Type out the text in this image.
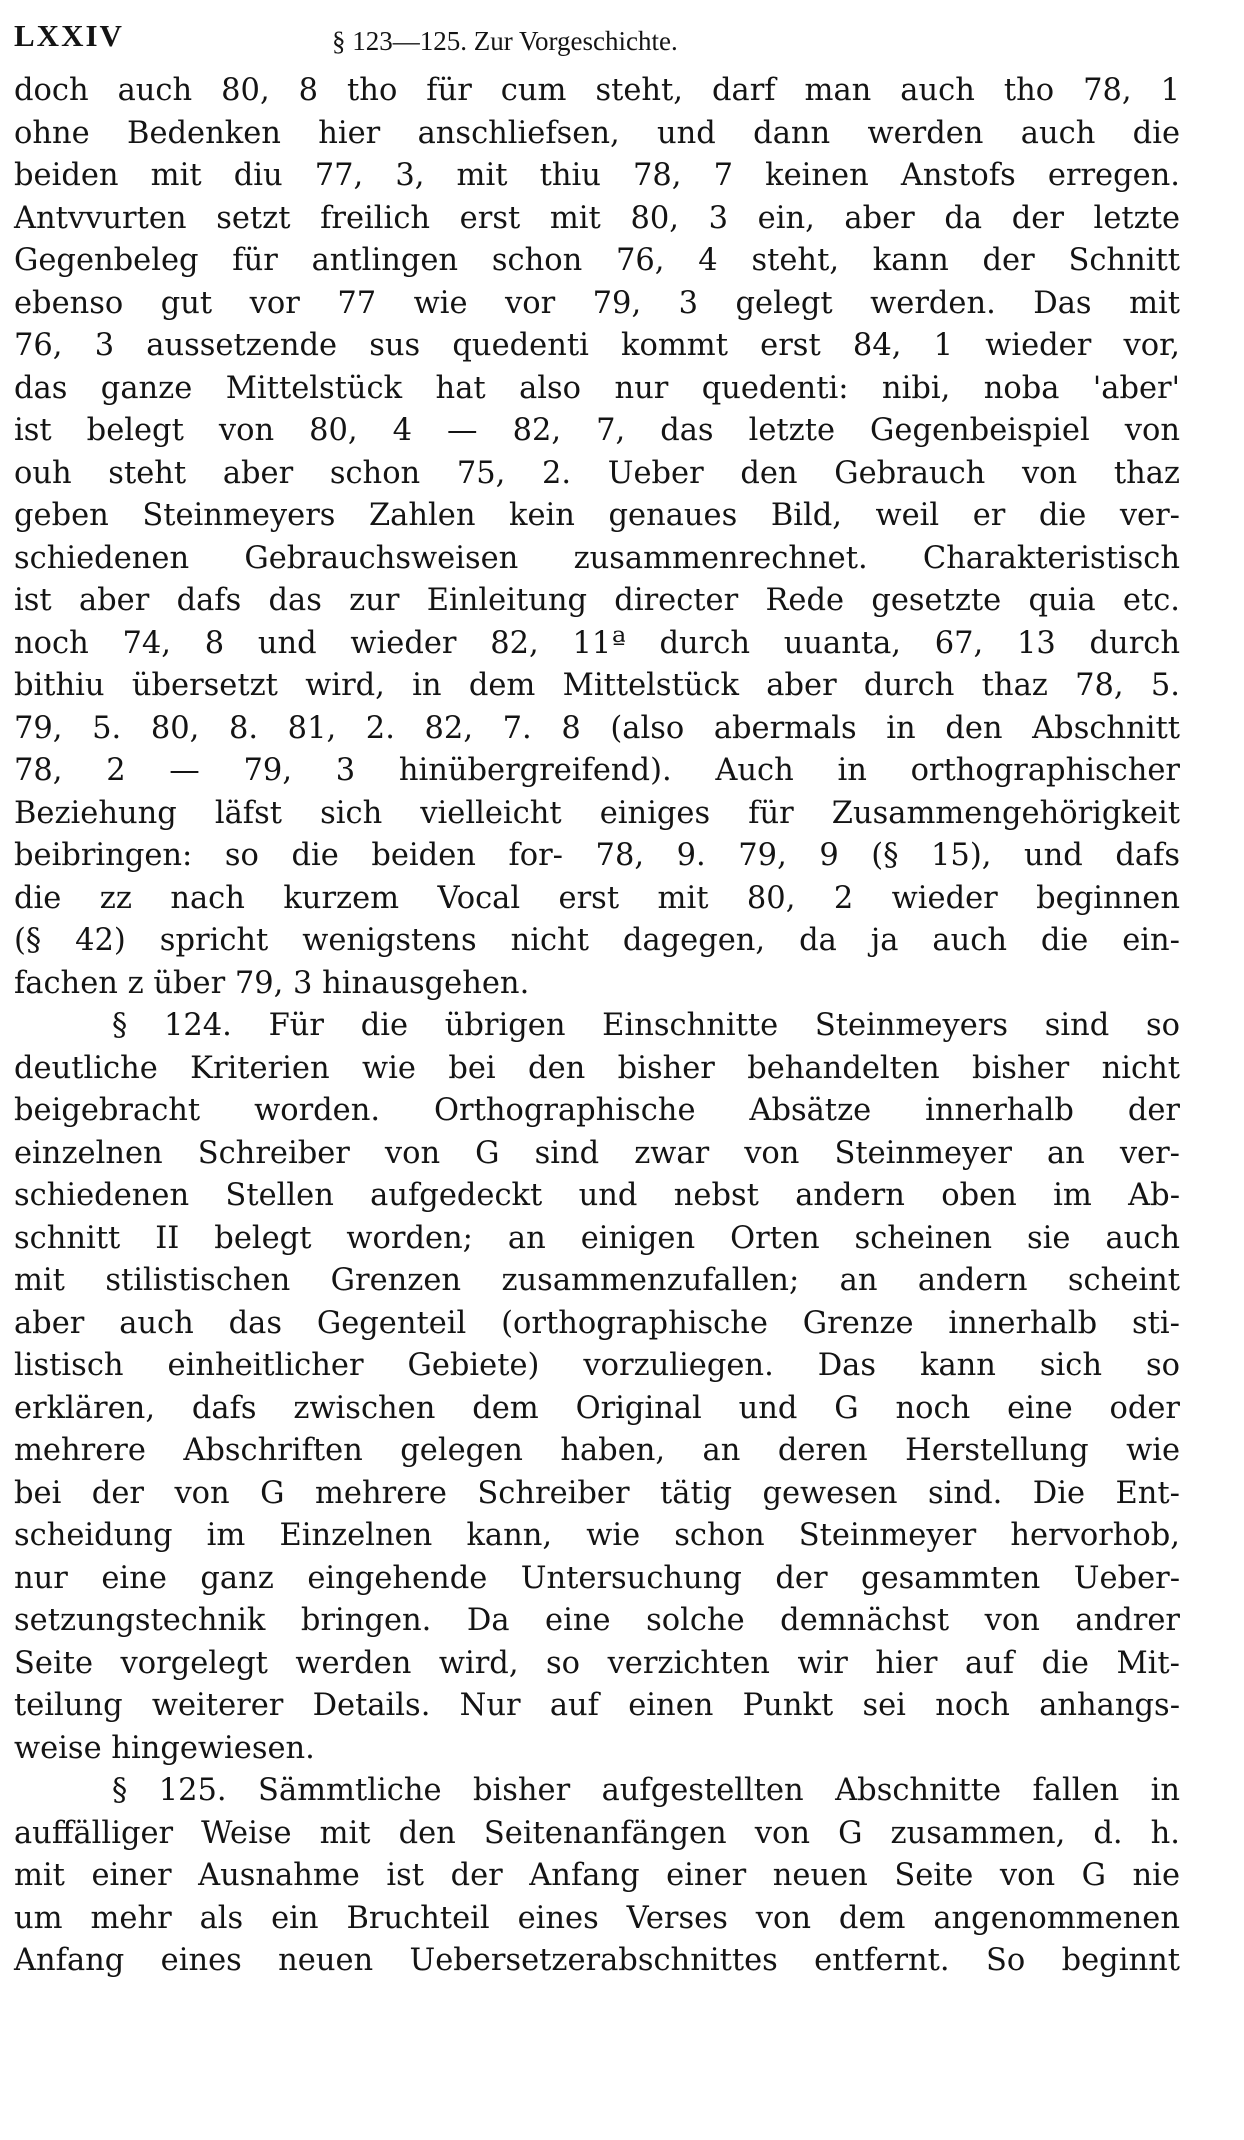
LXXIV	§ 123—125. Zur Vorgeschichte.
doch auch 80, 8 tho für cum steht, darf man auch tho 78, 1
ohne Bedenken hier anschliefsen, und dann werden auch die
beiden mit diu 77, 3, mit thiu 78, 7 keinen Anstofs erregen.
Antvvurten setzt freilich erst mit 80, 3 ein, aber da der letzte
Gegenbeleg für antlingen schon 76, 4 steht, kann der Schnitt
ebenso gut vor 77 wie vor 79, 3 gelegt werden. Das mit
76, 3 aussetzende sus quedenti kommt erst 84, 1 wieder vor,
das ganze Mittelstück hat also nur quedenti: nibi, noba 'aber'
ist belegt von 80, 4 — 82, 7, das letzte Gegenbeispiel von
ouh steht aber schon 75, 2. Ueber den Gebrauch von thaz
geben Steinmeyers Zahlen kein genaues Bild, weil er die ver-
schiedenen Gebrauchsweisen zusammenrechnet. Charakteristisch
ist aber dafs das zur Einleitung directer Rede gesetzte quia etc.
noch 74, 8 und wieder 82, 11ª durch uuanta, 67, 13 durch
bithiu übersetzt wird, in dem Mittelstück aber durch thaz 78, 5.
79, 5. 80, 8. 81, 2. 82, 7. 8 (also abermals in den Abschnitt
78, 2 — 79, 3 hinübergreifend). Auch in orthographischer
Beziehung läfst sich vielleicht einiges für Zusammengehörigkeit
beibringen: so die beiden for- 78, 9. 79, 9 (§ 15), und dafs
die zz nach kurzem Vocal erst mit 80, 2 wieder beginnen
(§ 42) spricht wenigstens nicht dagegen, da ja auch die ein-
fachen z über 79, 3 hinausgehen.
§ 124. Für die übrigen Einschnitte Steinmeyers sind so
deutliche Kriterien wie bei den bisher behandelten bisher nicht
beigebracht worden. Orthographische Absätze innerhalb der
einzelnen Schreiber von G sind zwar von Steinmeyer an ver-
schiedenen Stellen aufgedeckt und nebst andern oben im Ab-
schnitt II belegt worden; an einigen Orten scheinen sie auch
mit stilistischen Grenzen zusammenzufallen; an andern scheint
aber auch das Gegenteil (orthographische Grenze innerhalb sti-
listisch einheitlicher Gebiete) vorzuliegen. Das kann sich so
erklären, dafs zwischen dem Original und G noch eine oder
mehrere Abschriften gelegen haben, an deren Herstellung wie
bei der von G mehrere Schreiber tätig gewesen sind. Die Ent-
scheidung im Einzelnen kann, wie schon Steinmeyer hervorhob,
nur eine ganz eingehende Untersuchung der gesammten Ueber-
setzungstechnik bringen. Da eine solche demnächst von andrer
Seite vorgelegt werden wird, so verzichten wir hier auf die Mit-
teilung weiterer Details. Nur auf einen Punkt sei noch anhangs-
weise hingewiesen.
§ 125. Sämmtliche bisher aufgestellten Abschnitte fallen in
auffälliger Weise mit den Seitenanfängen von G zusammen, d. h.
mit einer Ausnahme ist der Anfang einer neuen Seite von G nie
um mehr als ein Bruchteil eines Verses von dem angenommenen
Anfang eines neuen Uebersetzerabschnittes entfernt. So beginnt
